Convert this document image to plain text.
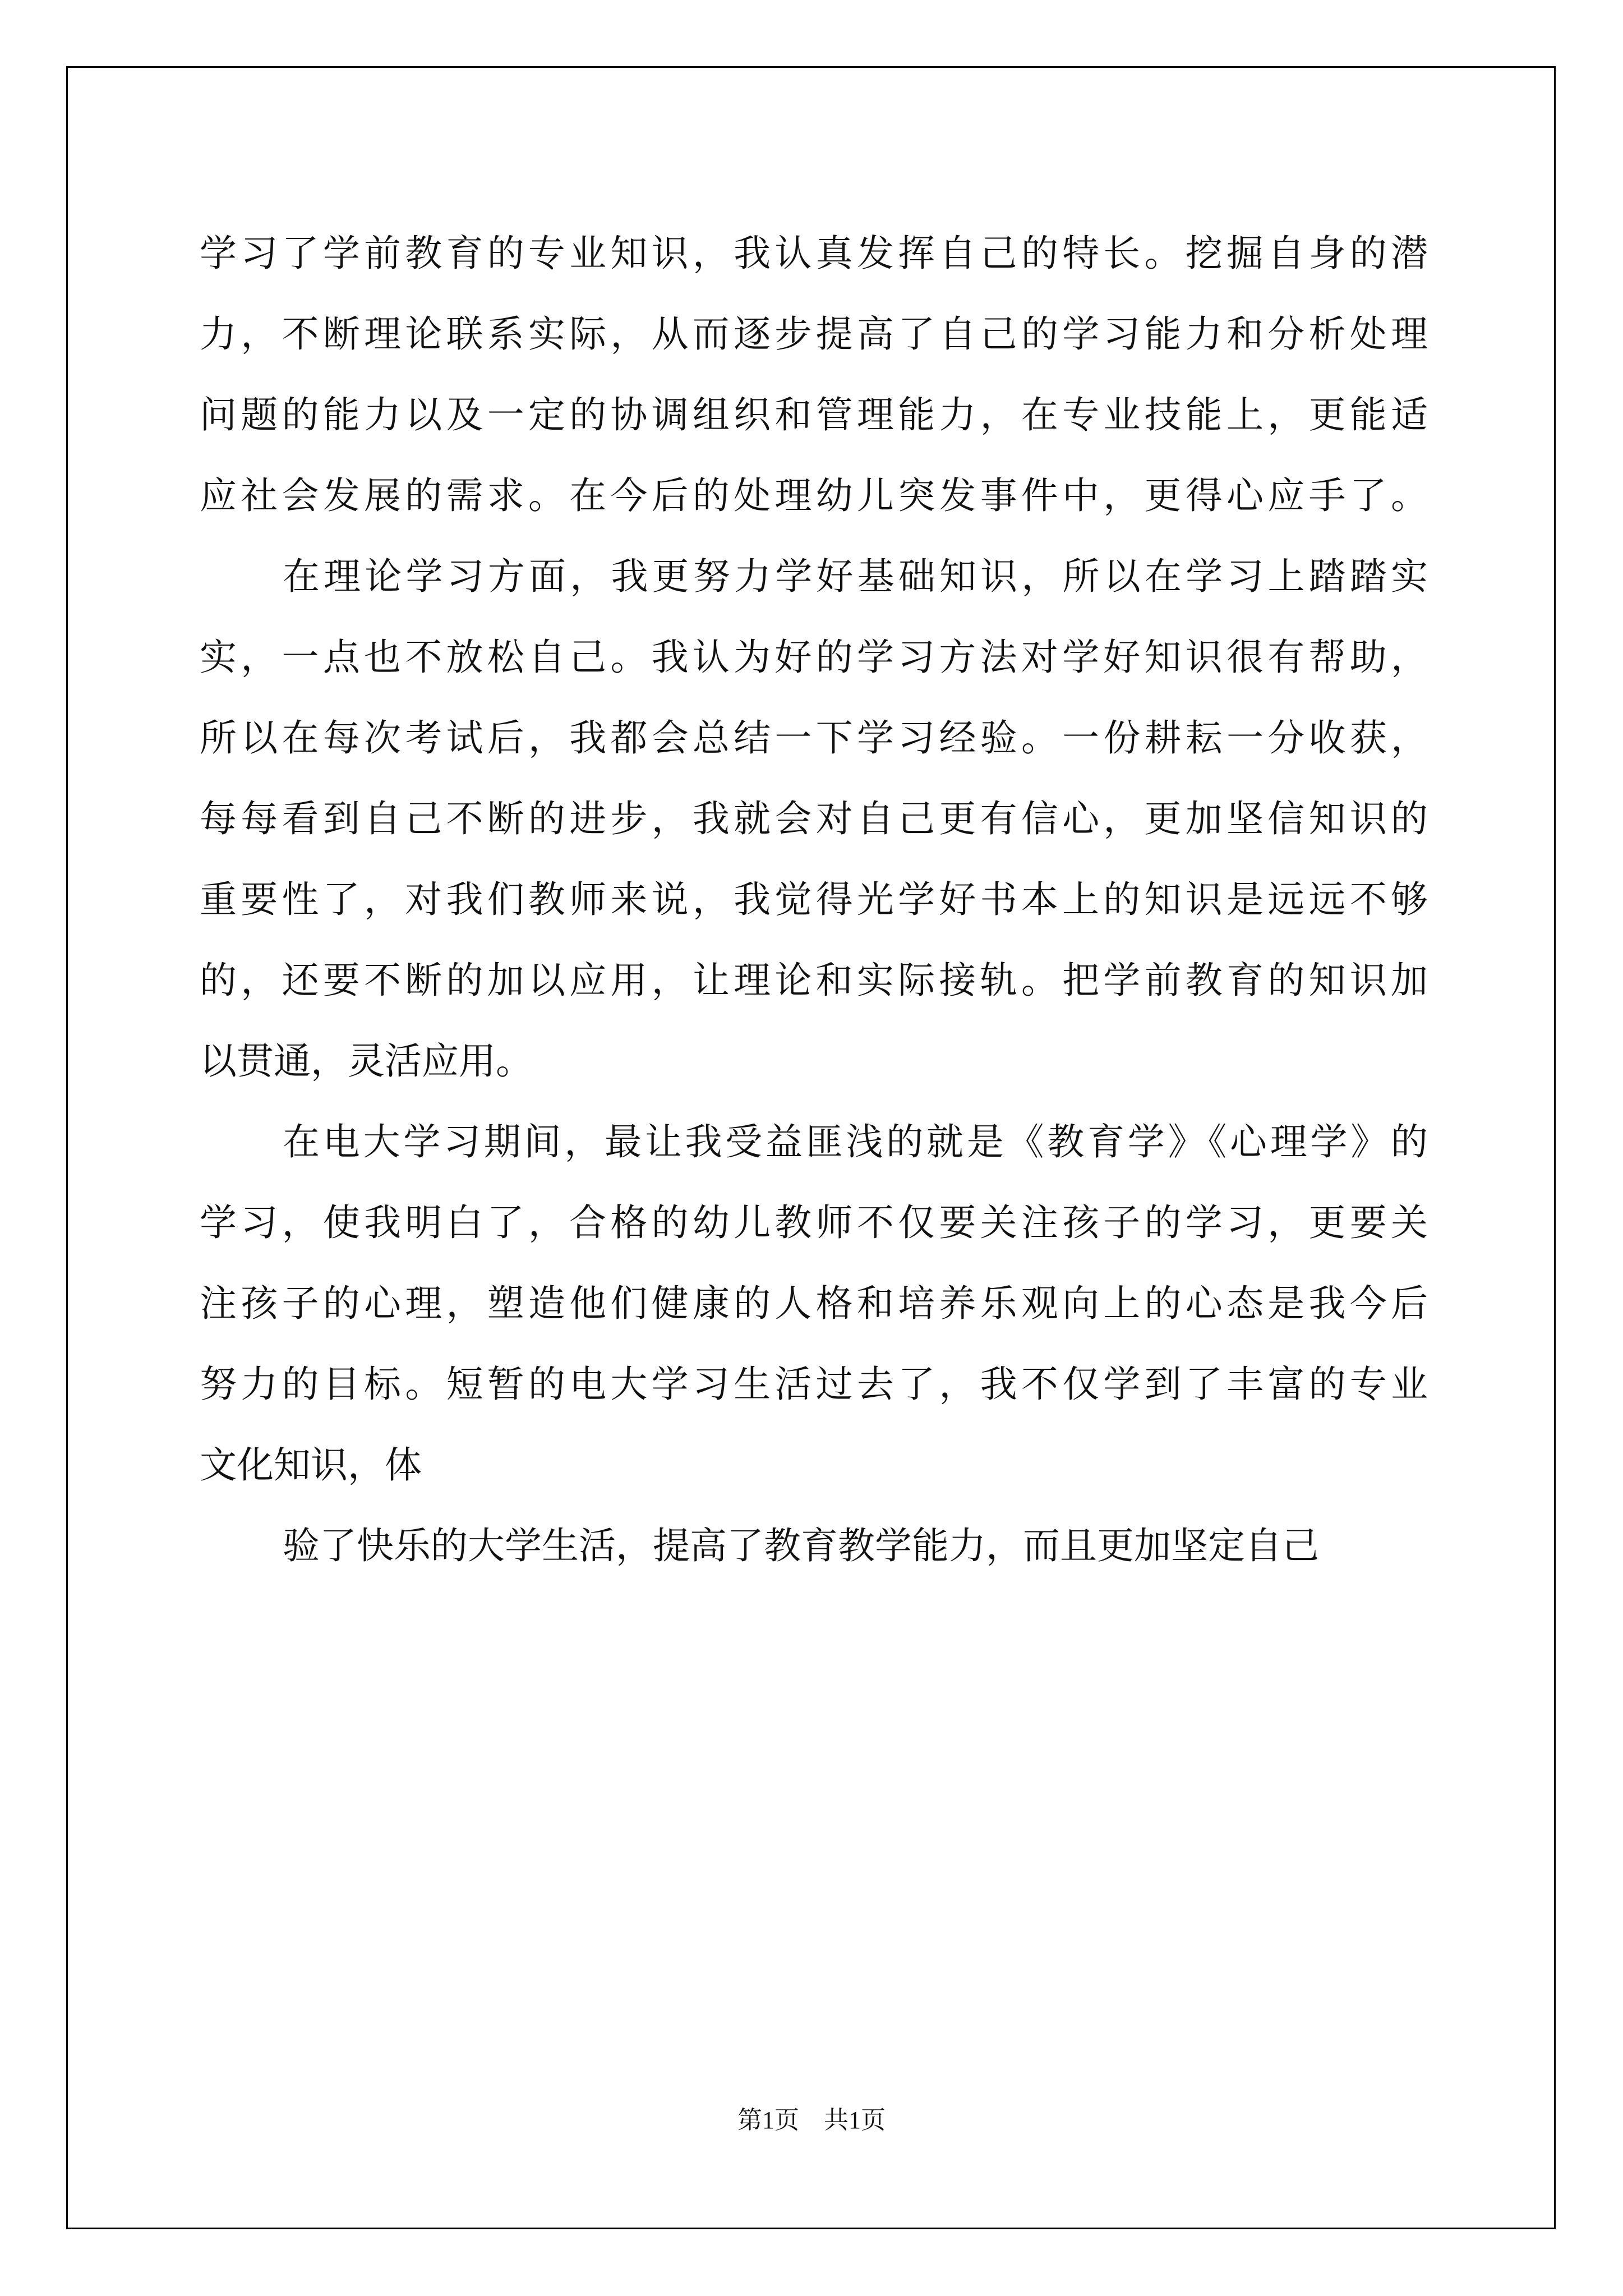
学习了学前教育的专业知识，我认真发挥自己的特长。挖掘自身的潜
力，不断理论联系实际，从而逐步提高了自己的学习能力和分析处理
问题的能力以及一定的协调组织和管理能力，在专业技能上，更能适
应社会发展的需求。在今后的处理幼儿突发事件中，更得心应手了。
在理论学习方面，我更努力学好基础知识，所以在学习上踏踏实
实，一点也不放松自己。我认为好的学习方法对学好知识很有帮助，
所以在每次考试后，我都会总结一下学习经验。一份耕耘一分收获，
每每看到自己不断的进步，我就会对自己更有信心，更加坚信知识的
重要性了，对我们教师来说，我觉得光学好书本上的知识是远远不够
的，还要不断的加以应用，让理论和实际接轨。把学前教育的知识加
以贯通，灵活应用。
在电大学习期间，最让我受益匪浅的就是《教育学》《心理学》的
学习，使我明白了，合格的幼儿教师不仅要关注孩子的学习，更要关
注孩子的心理，塑造他们健康的人格和培养乐观向上的心态是我今后
努力的目标。短暂的电大学习生活过去了，我不仅学到了丰富的专业
文化知识，体
验了快乐的大学生活，提高了教育教学能力，而且更加坚定自己
第1页 共1页
